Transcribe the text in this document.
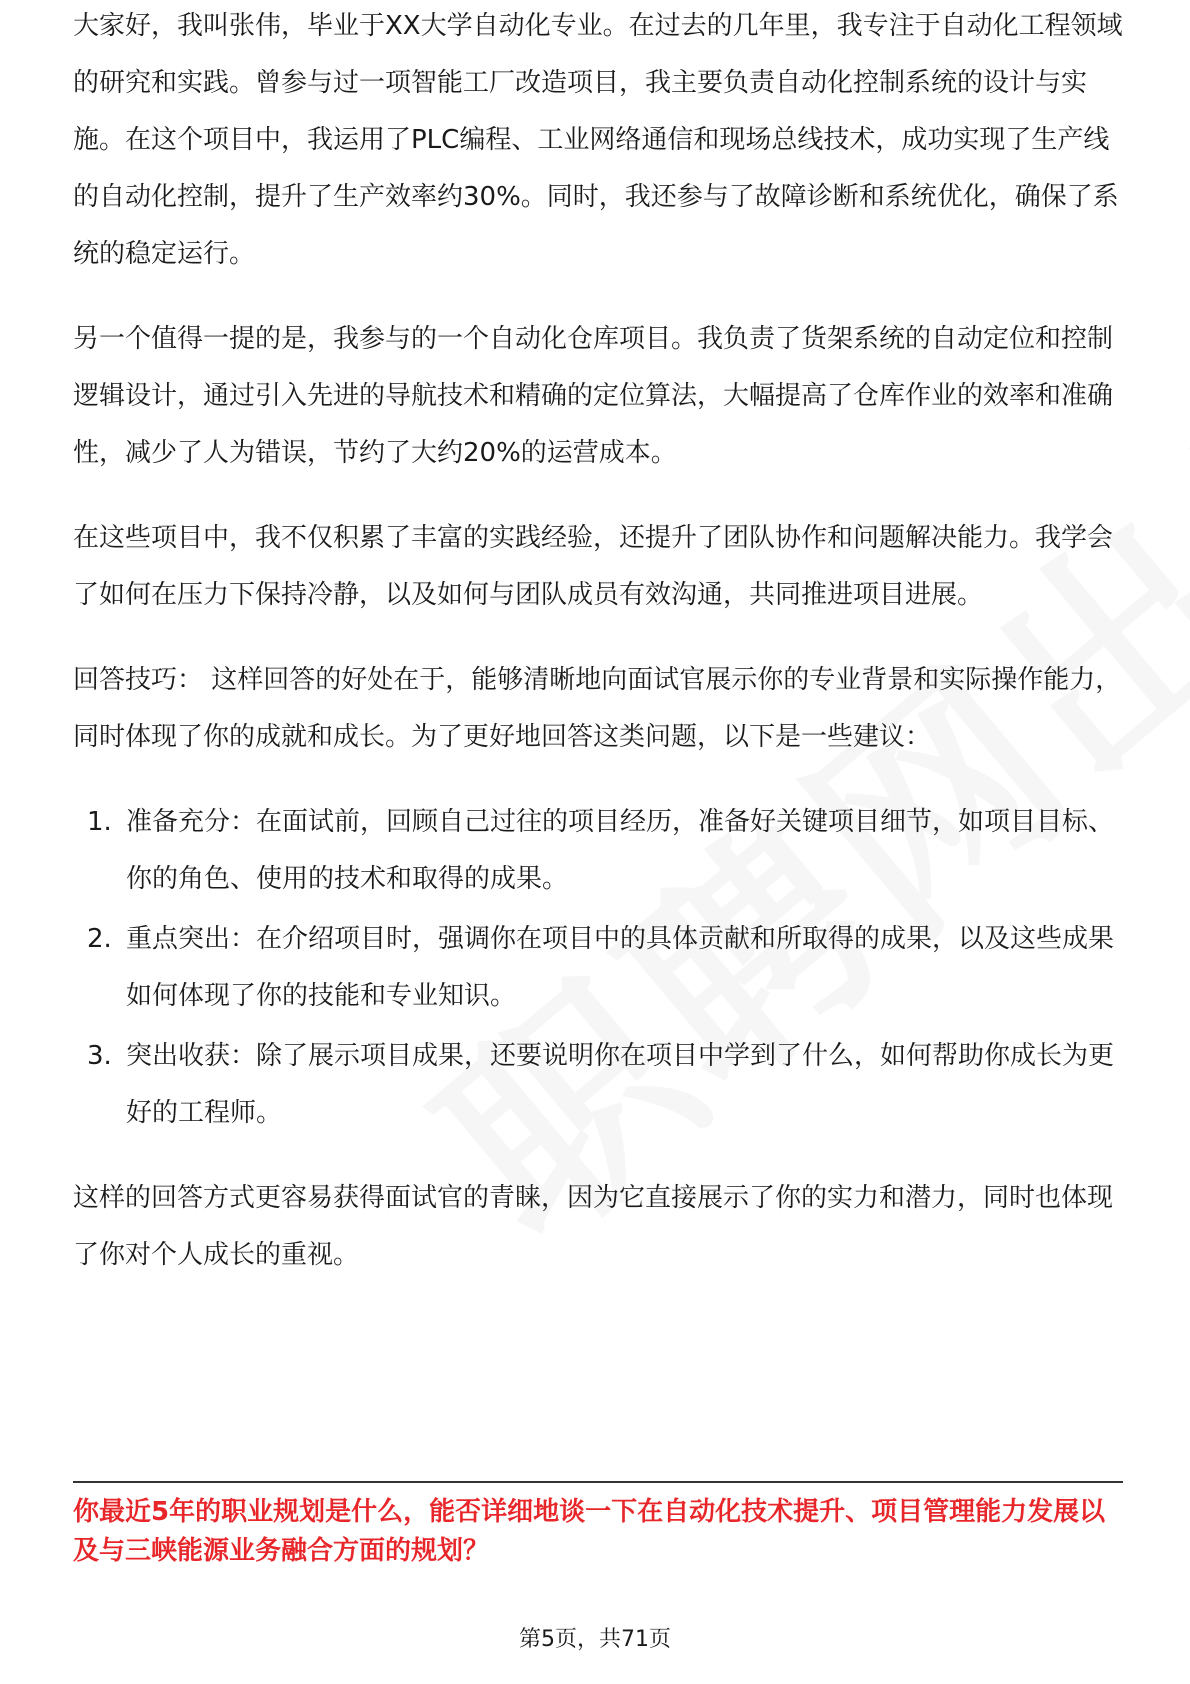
大家好，我叫张伟，毕业于XX大学自动化专业。在过去的几年里，我专注于自动化工程领域的研究和实践。曾参与过一项智能工厂改造项目，我主要负责自动化控制系统的设计与实施。在这个项目中，我运用了PLC编程、工业网络通信和现场总线技术，成功实现了生产线的自动化控制，提升了生产效率约30%。同时，我还参与了故障诊断和系统优化，确保了系统的稳定运行。

另一个值得一提的是，我参与的一个自动化仓库项目。我负责了货架系统的自动定位和控制逻辑设计，通过引入先进的导航技术和精确的定位算法，大幅提高了仓库作业的效率和准确性，减少了人为错误，节约了大约20%的运营成本。

在这些项目中，我不仅积累了丰富的实践经验，还提升了团队协作和问题解决能力。我学会了如何在压力下保持冷静，以及如何与团队成员有效沟通，共同推进项目进展。

回答技巧： 这样回答的好处在于，能够清晰地向面试官展示你的专业背景和实际操作能力，同时体现了你的成就和成长。为了更好地回答这类问题，以下是一些建议：

1. 准备充分：在面试前，回顾自己过往的项目经历，准备好关键项目细节，如项目目标、你的角色、使用的技术和取得的成果。
2. 重点突出：在介绍项目时，强调你在项目中的具体贡献和所取得的成果，以及这些成果如何体现了你的技能和专业知识。
3. 突出收获：除了展示项目成果，还要说明你在项目中学到了什么，如何帮助你成长为更好的工程师。

这样的回答方式更容易获得面试官的青睐，因为它直接展示了你的实力和潜力，同时也体现了你对个人成长的重视。

你最近5年的职业规划是什么，能否详细地谈一下在自动化技术提升、项目管理能力发展以及与三峡能源业务融合方面的规划？

第5页，共71页
